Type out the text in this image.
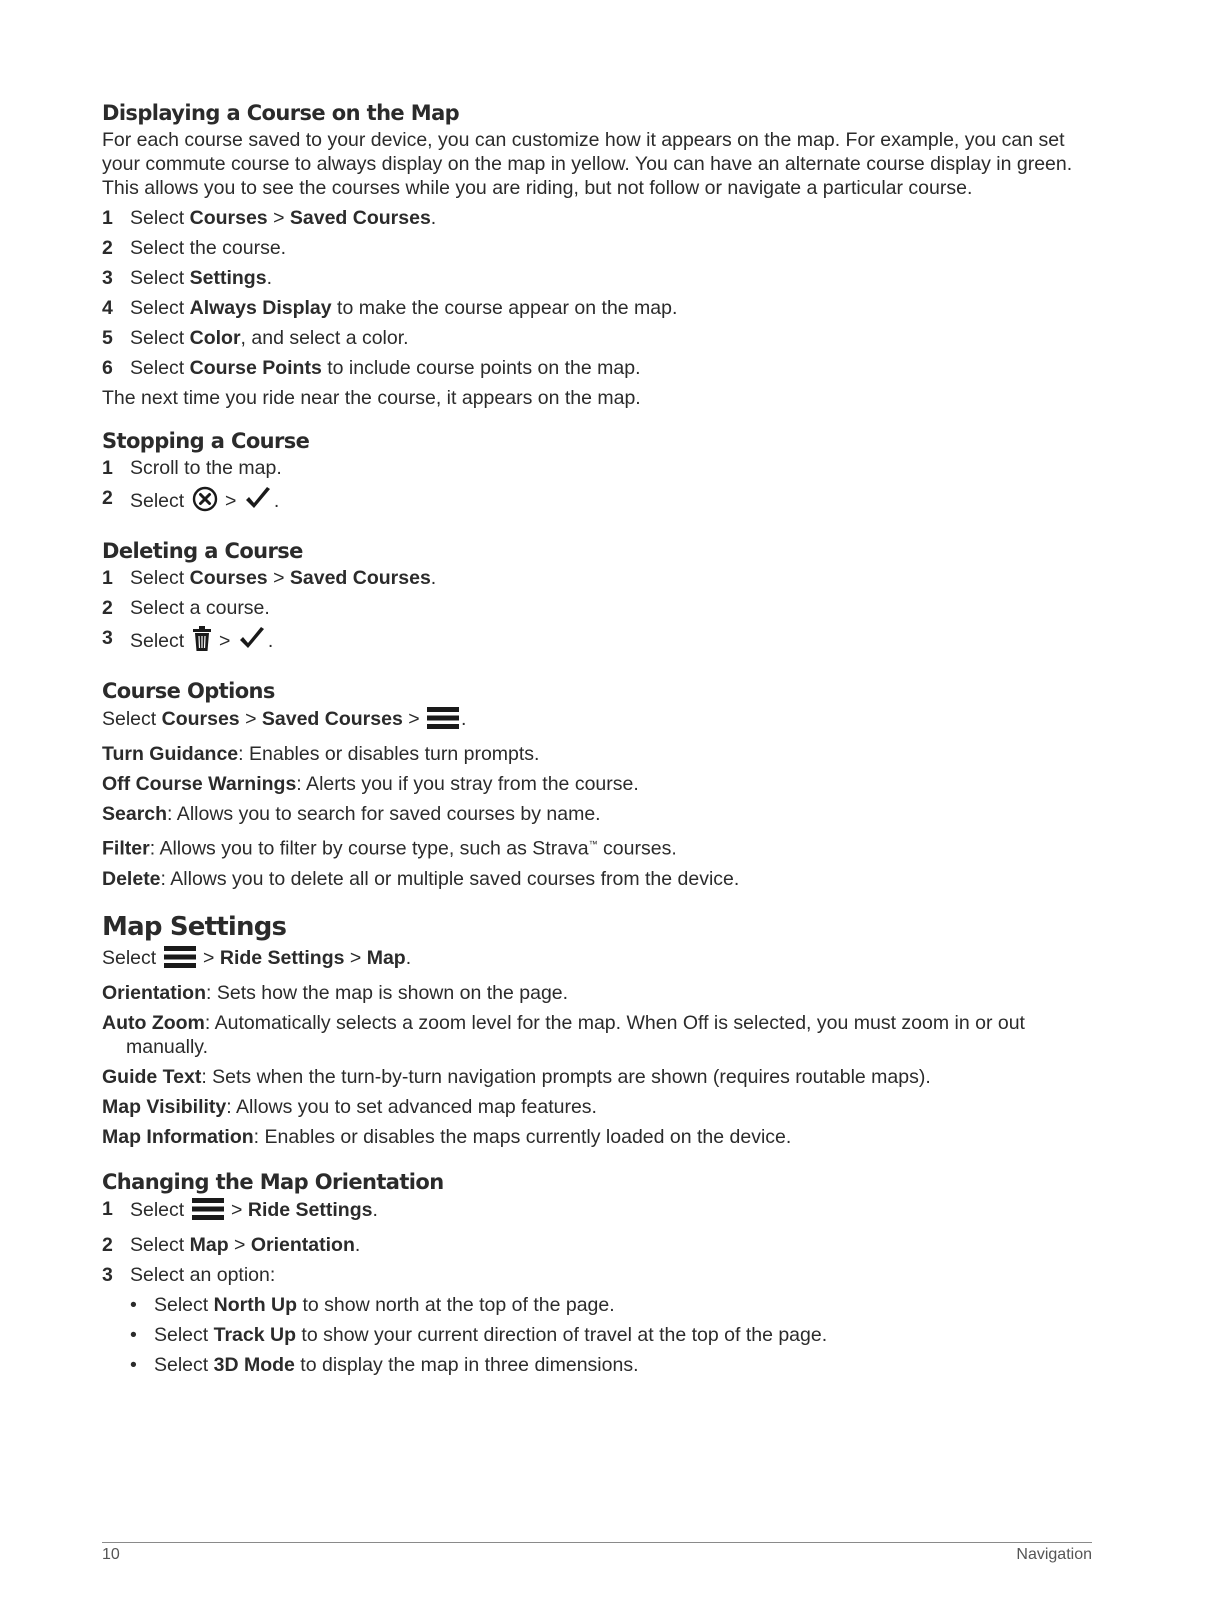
Displaying a Course on the Map

For each course saved to your device, you can customize how it appears on the map. For example, you can set your commute course to always display on the map in yellow. You can have an alternate course display in green. This allows you to see the courses while you are riding, but not follow or navigate a particular course.

1 Select Courses > Saved Courses.
2 Select the course.
3 Select Settings.
4 Select Always Display to make the course appear on the map.
5 Select Color, and select a color.
6 Select Course Points to include course points on the map.

The next time you ride near the course, it appears on the map.

Stopping a Course
1 Scroll to the map.
2 Select > .
Deleting a Course
1 Select Courses > Saved Courses.
2 Select a course.
3 Select > .
Course Options
Select Courses > Saved Courses > .
Turn Guidance: Enables or disables turn prompts.
Off Course Warnings: Alerts you if you stray from the course.
Search: Allows you to search for saved courses by name.
Filter: Allows you to filter by course type, such as Strava™ courses.
Delete: Allows you to delete all or multiple saved courses from the device.
Map Settings
Select  > Ride Settings > Map.
Orientation: Sets how the map is shown on the page.
Auto Zoom: Automatically selects a zoom level for the map. When Off is selected, you must zoom in or out manually.
Guide Text: Sets when the turn-by-turn navigation prompts are shown (requires routable maps).
Map Visibility: Allows you to set advanced map features.
Map Information: Enables or disables the maps currently loaded on the device.
Changing the Map Orientation
1 Select  > Ride Settings.
2 Select Map > Orientation.
3 Select an option:
• Select North Up to show north at the top of the page.
• Select Track Up to show your current direction of travel at the top of the page.
• Select 3D Mode to display the map in three dimensions.
10	Navigation
